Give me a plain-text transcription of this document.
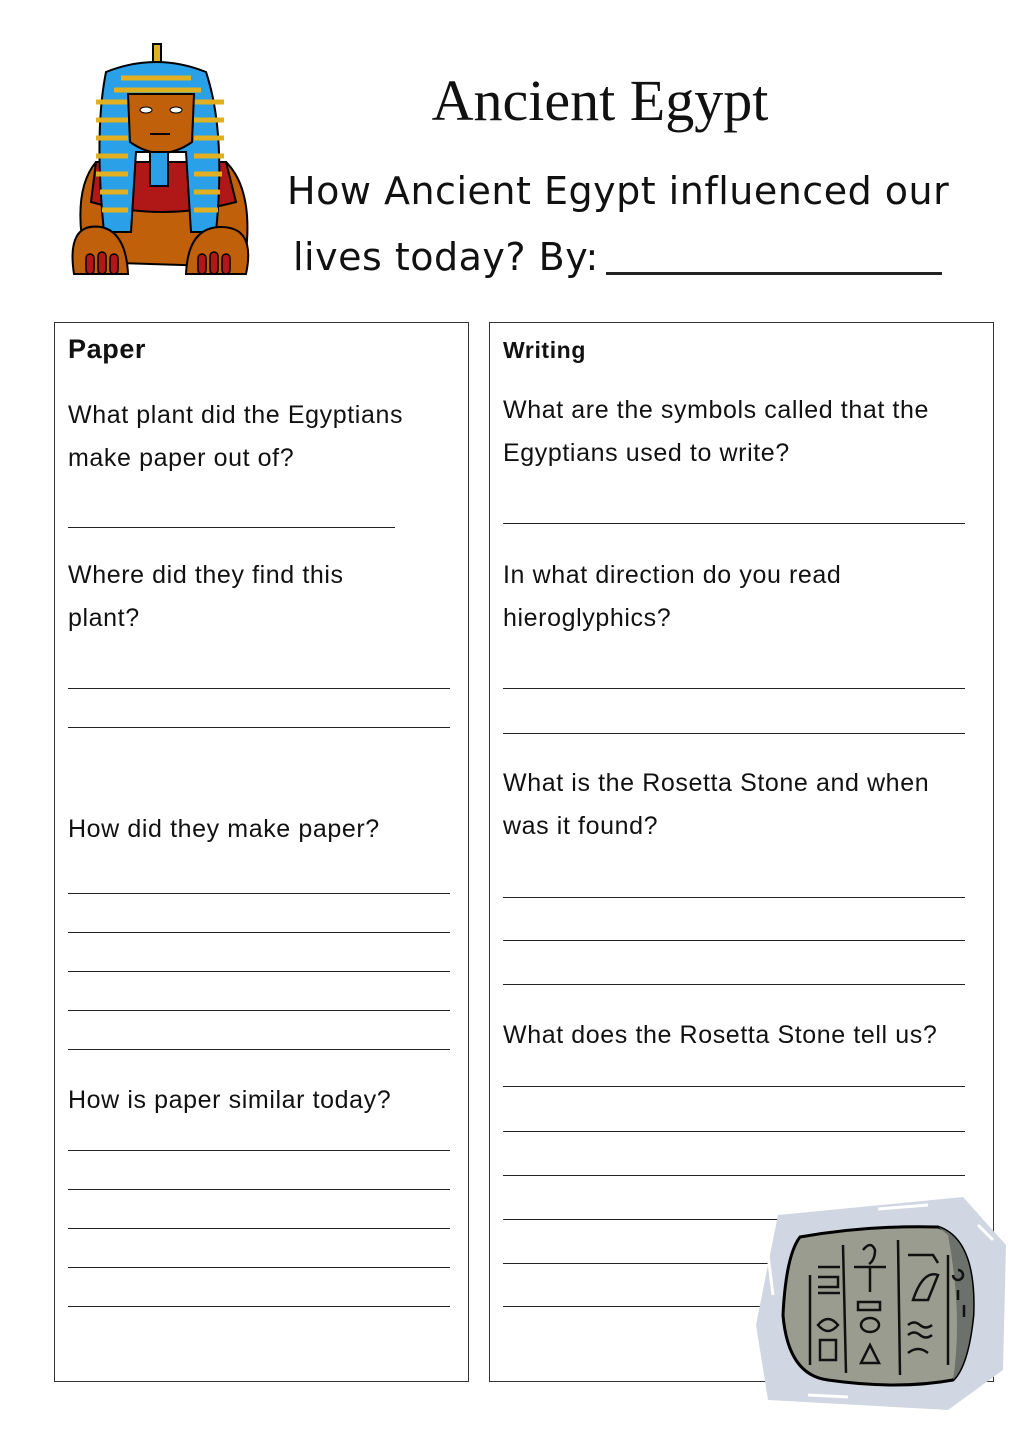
Ancient Egypt
How Ancient Egypt influenced our
lives today? By:
Paper
What plant did the Egyptians
make paper out of?
Where did they find this
plant?
How did they make paper?
How is paper similar today?
Writing
What are the symbols called that the
Egyptians used to write?
In what direction do you read
hieroglyphics?
What is the Rosetta Stone and when
was it found?
What does the Rosetta Stone tell us?
